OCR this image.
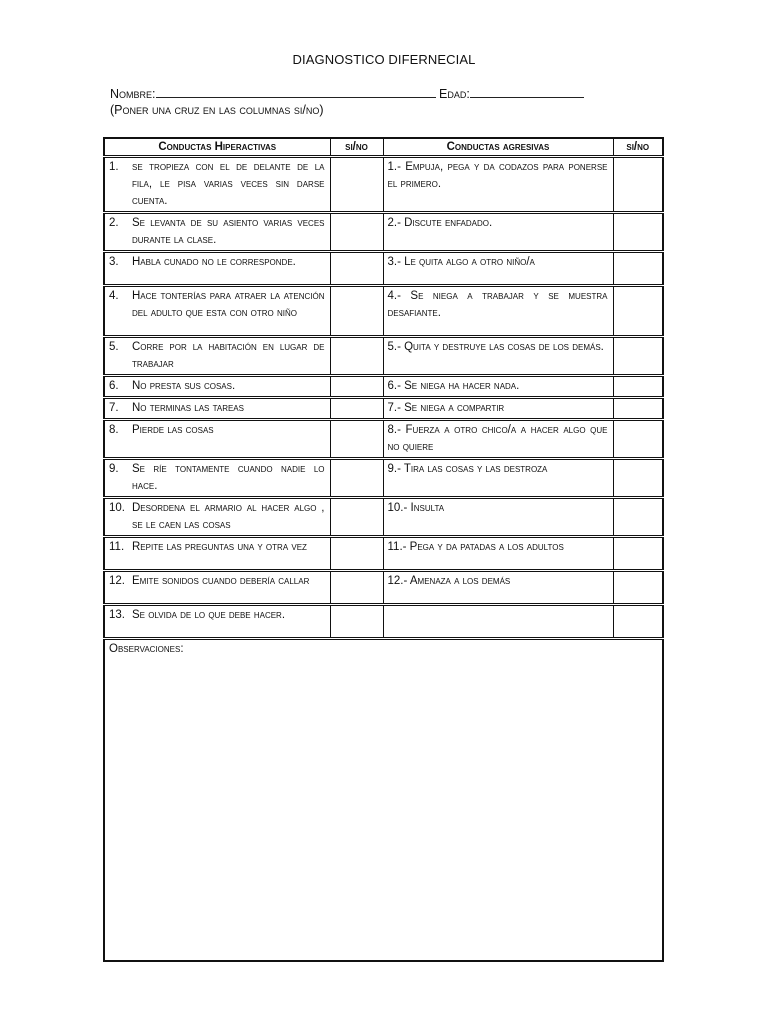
DIAGNOSTICO DIFERNECIAL
Nombre:	Edad:
(Poner una cruz en las columnas si/no)
Conductas Hiperactivas	si/no	Conductas agresivas	si/no

1. se tropieza con el de delante de la fila, le pisa varias veces sin darse cuenta.		1.- Empuja, pega y da codazos para ponerse el primero.	

2. Se levanta de su asiento varias veces durante la clase.		2.- Discute enfadado.	

3. Habla cunado no le corresponde.		3.- Le quita algo a otro niño/a	

4. Hace tonterías para atraer la atención del adulto que esta con otro niño		4.- Se niega a trabajar y se muestra desafiante.	

5. Corre por la habitación en lugar de trabajar		5.- Quita y destruye las cosas de los demás.	

6. No presta sus cosas.		6.- Se niega ha hacer nada.	

7. No terminas las tareas		7.- Se niega a compartir	

8. Pierde las cosas		8.- Fuerza a otro chico/a a hacer algo que no quiere	

9. Se ríe tontamente cuando nadie lo hace.		9.- Tira las cosas y las destroza	

10. Desordena el armario al hacer algo , se le caen las cosas		10.- Insulta	

11. Repite las preguntas una y otra vez		11.- Pega y da patadas a los adultos	

12. Emite sonidos cuando debería callar		12.- Amenaza a los demás	

13. Se olvida de lo que debe hacer.			

Observaciones:			
